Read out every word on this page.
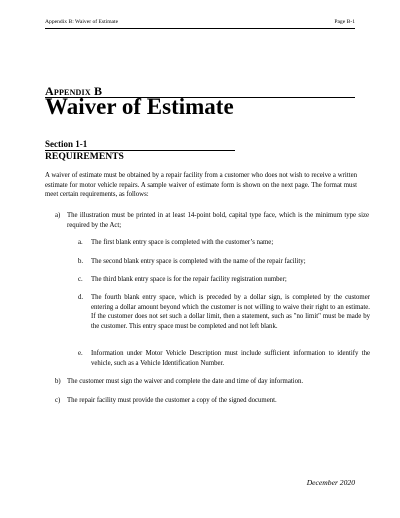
Appendix B: Waiver of Estimate	Page B-1
Appendix B
Waiver of Estimate
Section 1-1
REQUIREMENTS

A waiver of estimate must be obtained by a repair facility from a customer who does not wish to receive a written estimate for motor vehicle repairs. A sample waiver of estimate form is shown on the next page. The format must meet certain requirements, as follows:

a) The illustration must be printed in at least 14-point bold, capital type face, which is the minimum type size required by the Act;
a. The first blank entry space is completed with the customer’s name;
b. The second blank entry space is completed with the name of the repair facility;
c. The third blank entry space is for the repair facility registration number;
d. The fourth blank entry space, which is preceded by a dollar sign, is completed by the customer entering a dollar amount beyond which the customer is not willing to waive their right to an estimate. If the customer does not set such a dollar limit, then a statement, such as "no limit" must be made by the customer. This entry space must be completed and not left blank.
e. Information under Motor Vehicle Description must include sufficient information to identify the vehicle, such as a Vehicle Identification Number.
b) The customer must sign the waiver and complete the date and time of day information.
c) The repair facility must provide the customer a copy of the signed document.
December 2020
